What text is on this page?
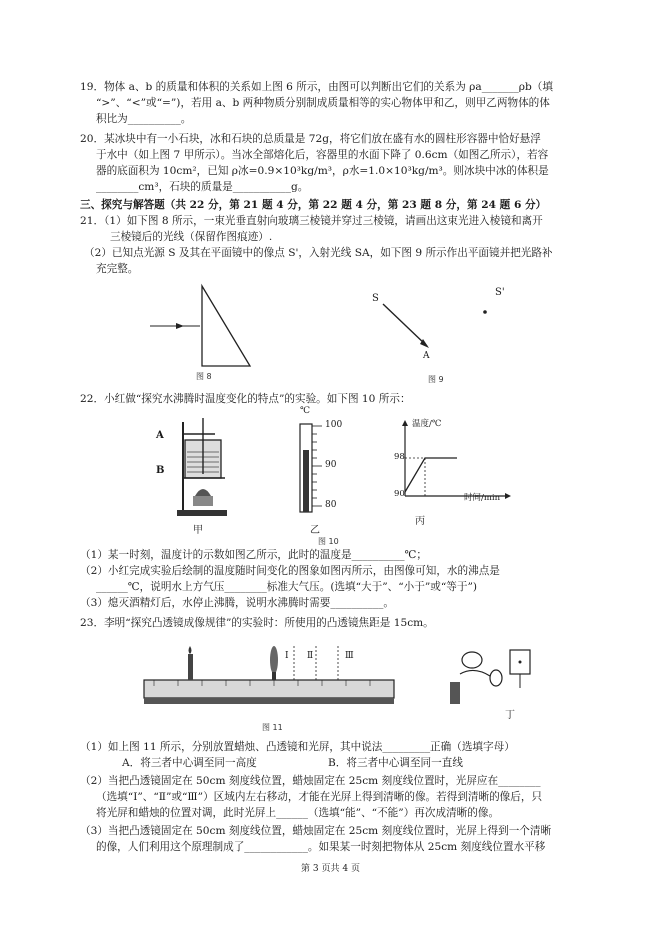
19．物体 a、b 的质量和体积的关系如上图 6 所示，由图可以判断出它们的关系为 ρa_______ρb（填
“>”、“<”或“=”)，若用 a、b 两种物质分别制成质量相等的实心物体甲和乙，则甲乙两物体的体
积比为__________。
20．某冰块中有一小石块，冰和石块的总质量是 72g，将它们放在盛有水的圆柱形容器中恰好悬浮
于水中（如上图 7 甲所示）。当冰全部熔化后，容器里的水面下降了 0.6cm（如图乙所示），若容
器的底面积为 10cm²，已知 ρ冰=0.9×10³kg/m³，ρ水=1.0×10³kg/m³。则冰块中冰的体积是
________cm³，石块的质量是___________g。
三、探究与解答题（共 22 分，第 21 题 4 分，第 22 题 4 分，第 23 题 8 分，第 24 题 6 分）
21．（1）如下图 8 所示，一束光垂直射向玻璃三棱镜并穿过三棱镜，请画出这束光进入棱镜和离开
三棱镜后的光线（保留作图痕迹）.
（2）已知点光源 S 及其在平面镜中的像点 S'，入射光线 SA，如下图 9 所示作出平面镜并把光路补
充完整。
图 8
S
S'
A
图 9
22．小红做“探究水沸腾时温度变化的特点”的实验。如下图 10 所示：
A
B
甲
℃
100
90
80
乙
温度/℃
时间/min
98
90
丙
图 10
（1）某一时刻，温度计的示数如图乙所示，此时的温度是__________℃；
（2）小红完成实验后绘制的温度随时间变化的图象如图丙所示，由图像可知，水的沸点是
______℃，说明水上方气压________标准大气压。(选填“大于”、“小于”或“等于”)
（3）熄灭酒精灯后，水停止沸腾，说明水沸腾时需要__________。
23．李明“探究凸透镜成像规律”的实验时：所使用的凸透镜焦距是 15cm。
Ⅰ Ⅱ	Ⅲ
图 11
丁
（1）如上图 11 所示，分别放置蜡烛、凸透镜和光屏，其中说法_________正确（选填字母）
A．将三者中心调至同一高度	B．将三者中心调至同一直线
（2）当把凸透镜固定在 50cm 刻度线位置，蜡烛固定在 25cm 刻度线位置时，光屏应在________
（选填“Ⅰ”、“Ⅱ”或“Ⅲ”）区域内左右移动，才能在光屏上得到清晰的像。若得到清晰的像后，只
将光屏和蜡烛的位置对调，此时光屏上______（选填“能”、“不能”）再次成清晰的像。
（3）当把凸透镜固定在 50cm 刻度线位置，蜡烛固定在 25cm 刻度线位置时，光屏上得到一个清晰
的像，人们利用这个原理制成了____________。如果某一时刻把物体从 25cm 刻度线位置水平移
第 3 页共 4 页
